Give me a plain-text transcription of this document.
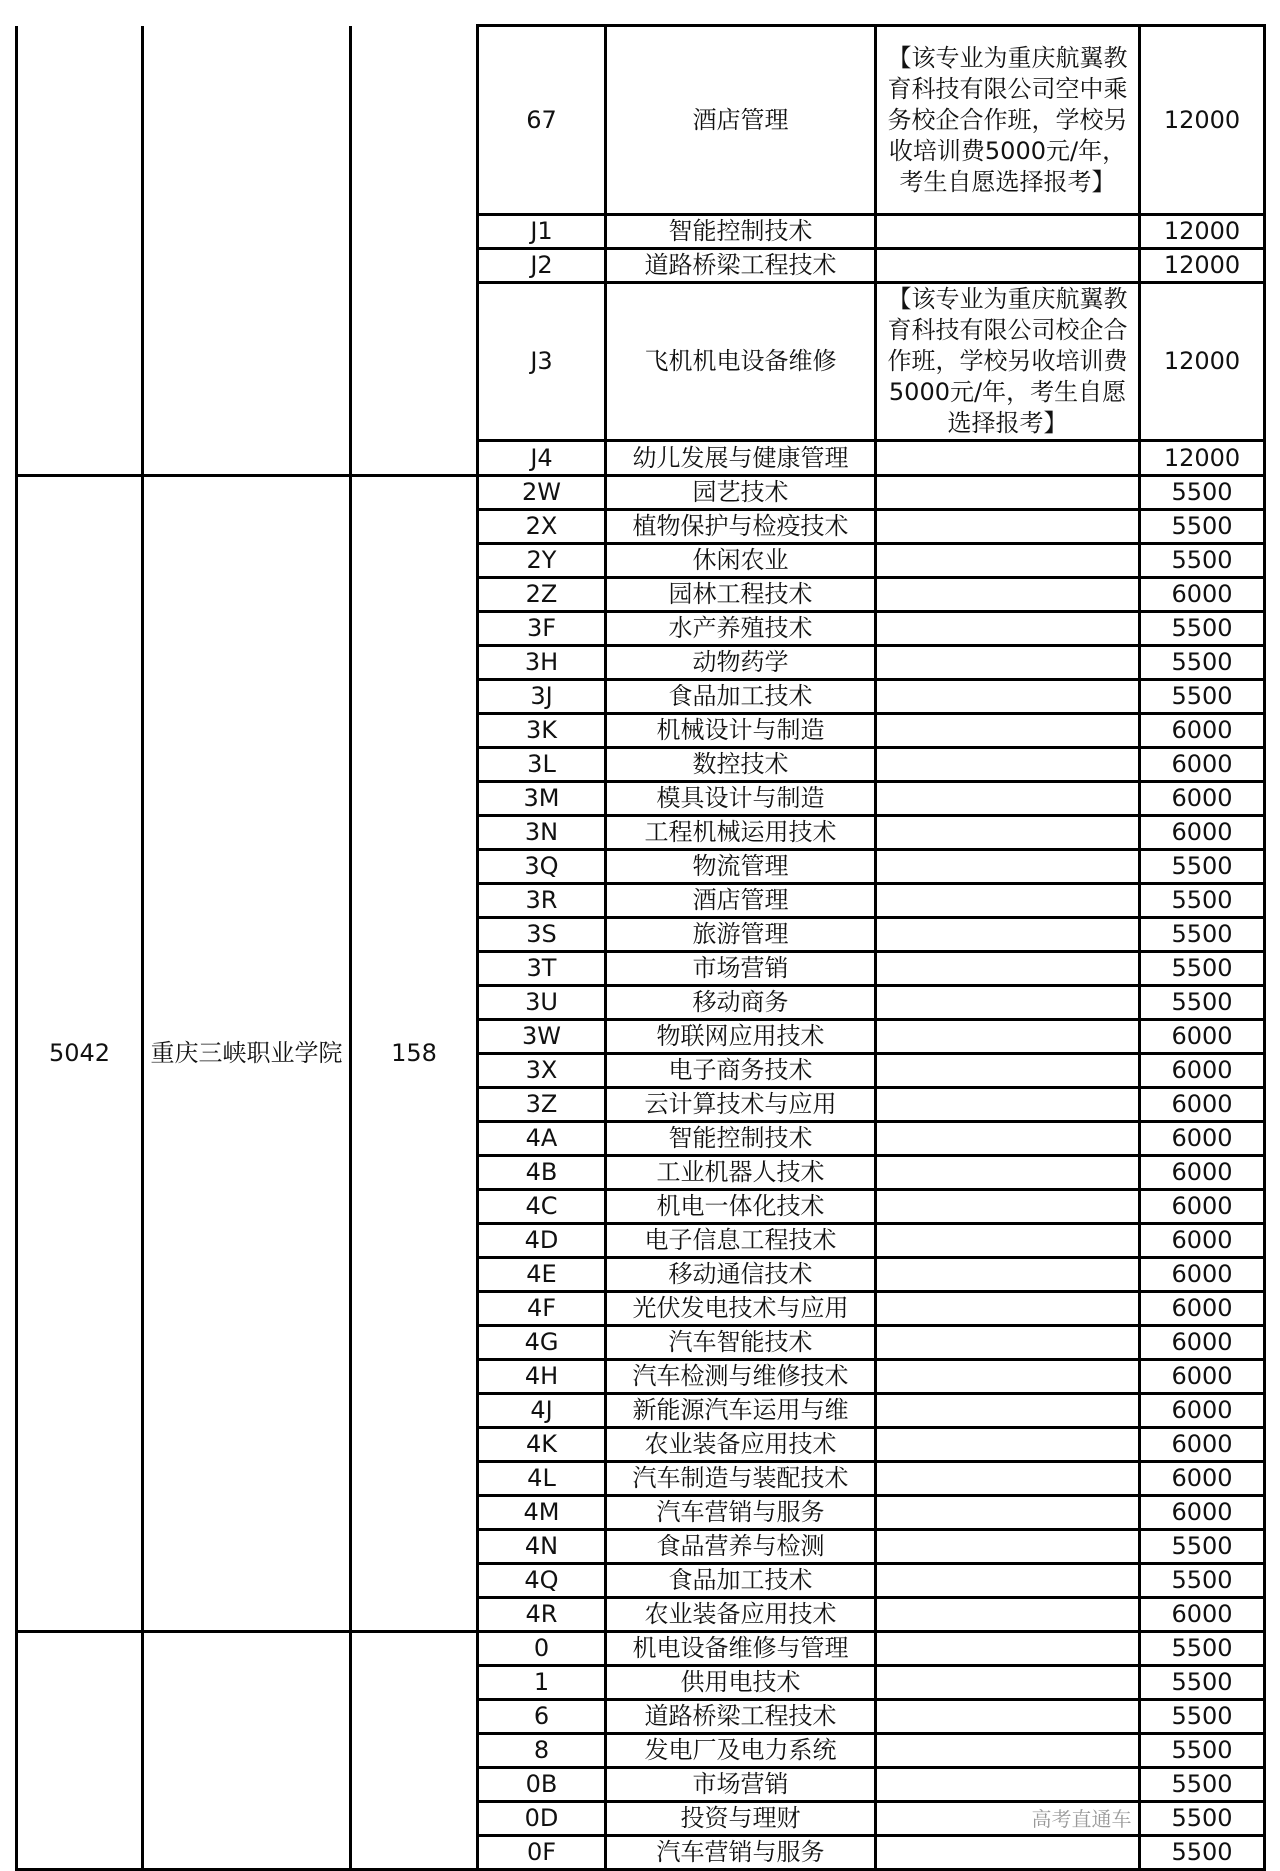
			67	酒店管理	【该专业为重庆航翼教育科技有限公司空中乘务校企合作班，学校另收培训费5000元/年，考生自愿选择报考】	12000
			J1	智能控制技术		12000
			J2	道路桥梁工程技术		12000
			J3	飞机机电设备维修	【该专业为重庆航翼教育科技有限公司校企合作班，学校另收培训费5000元/年，考生自愿选择报考】	12000
			J4	幼儿发展与健康管理		12000
5042	重庆三峡职业学院	158	2W	园艺技术		5500
			2X	植物保护与检疫技术		5500
			2Y	休闲农业		5500
			2Z	园林工程技术		6000
			3F	水产养殖技术		5500
			3H	动物药学		5500
			3J	食品加工技术		5500
			3K	机械设计与制造		6000
			3L	数控技术		6000
			3M	模具设计与制造		6000
			3N	工程机械运用技术		6000
			3Q	物流管理		5500
			3R	酒店管理		5500
			3S	旅游管理		5500
			3T	市场营销		5500
			3U	移动商务		5500
			3W	物联网应用技术		6000
			3X	电子商务技术		6000
			3Z	云计算技术与应用		6000
			4A	智能控制技术		6000
			4B	工业机器人技术		6000
			4C	机电一体化技术		6000
			4D	电子信息工程技术		6000
			4E	移动通信技术		6000
			4F	光伏发电技术与应用		6000
			4G	汽车智能技术		6000
			4H	汽车检测与维修技术		6000
			4J	新能源汽车运用与维		6000
			4K	农业装备应用技术		6000
			4L	汽车制造与装配技术		6000
			4M	汽车营销与服务		6000
			4N	食品营养与检测		5500
			4Q	食品加工技术		5500
			4R	农业装备应用技术		6000
			0	机电设备维修与管理		5500
			1	供用电技术		5500
			6	道路桥梁工程技术		5500
			8	发电厂及电力系统		5500
			0B	市场营销		5500
			0D	投资与理财		5500
			0F	汽车营销与服务		5500
高考直通车
